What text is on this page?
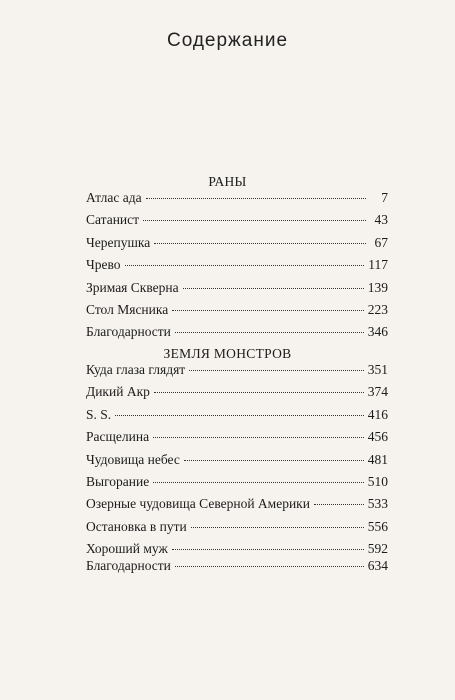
Содержание
РАНЫ
Атлас ада	7
Сатанист	43
Черепушка	67
Чрево	117
Зримая Скверна	139
Стол Мясника	223
Благодарности	346
ЗЕМЛЯ МОНСТРОВ
Куда глаза глядят	351
Дикий Акр	374
S. S.	416
Расщелина	456
Чудовища небес	481
Выгорание	510
Озерные чудовища Северной Америки	533
Остановка в пути	556
Хороший муж	592
Благодарности	634
